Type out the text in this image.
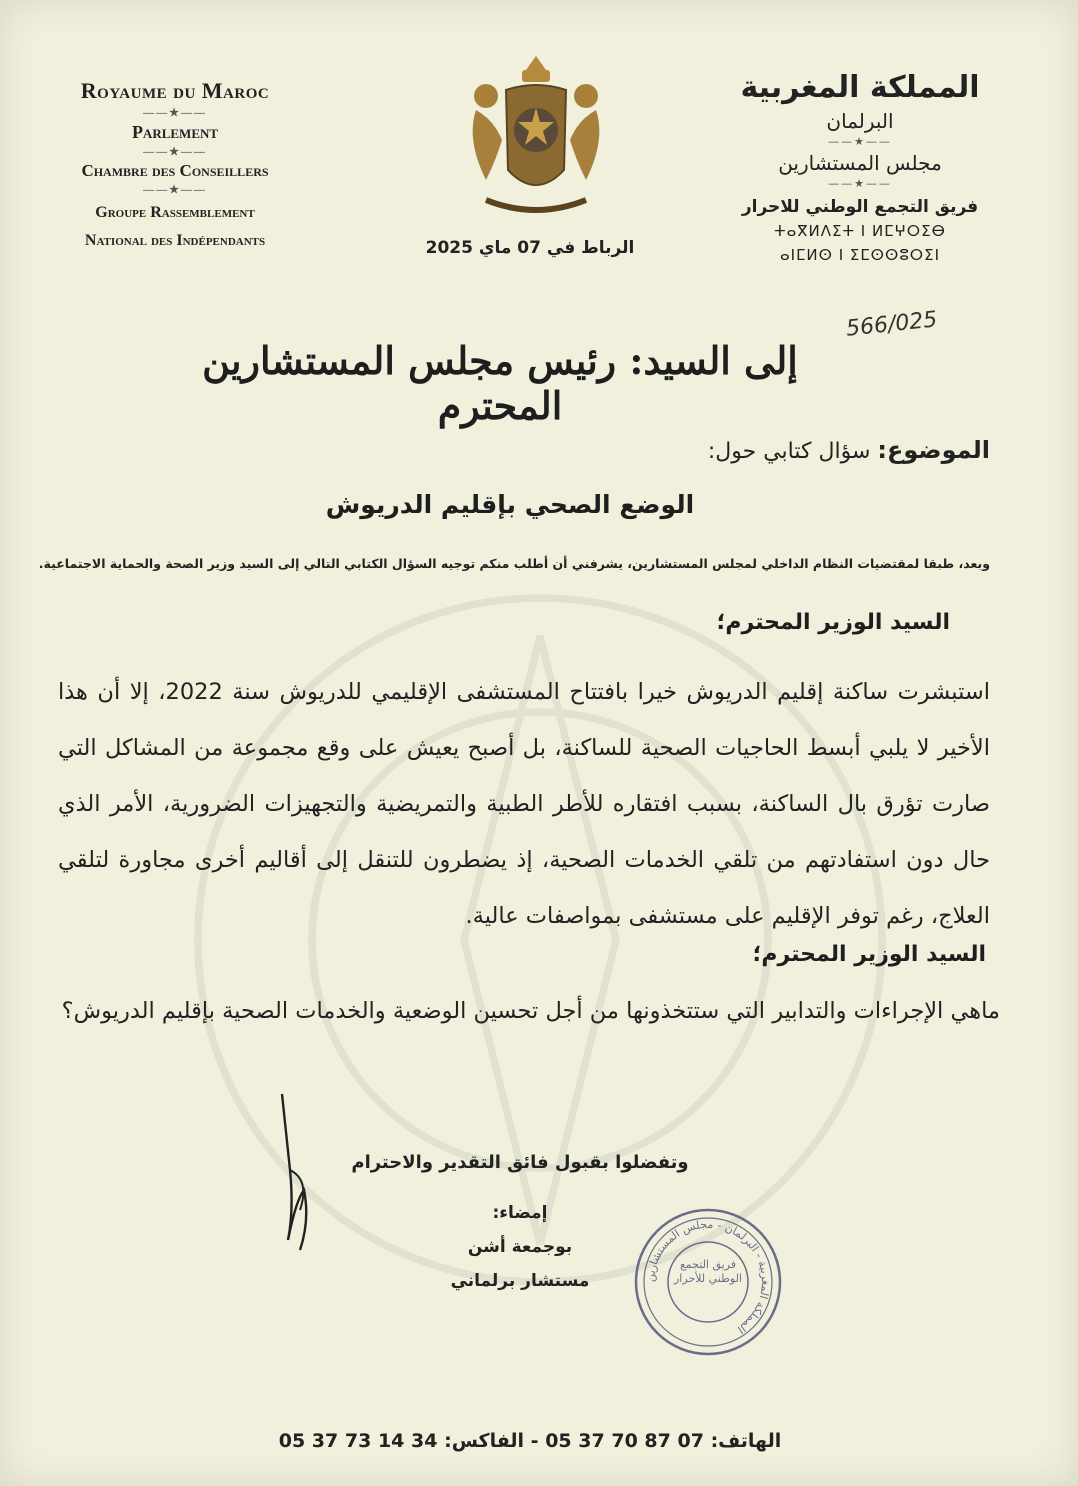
Royaume du Maroc
——★——
Parlement
——★——
Chambre des Conseillers
——★——
Groupe Rassemblement
National des Indépendants
المملكة المغربية
البرلمان
——★——
مجلس المستشارين
——★——
فريق التجمع الوطني للاحرار
ⵜⴰⴳⵍⴷⵉⵜ ⵏ ⵍⵎⵖⵔⵉⴱ
ⴰⵏⵎⵍⵙ ⵏ ⵉⵎⵙⵙⵓⵔⵉⵏ
الرباط في 07 ماي 2025
566/025
إلى السيد: رئيس مجلس المستشارين المحترم
الموضوع: سؤال كتابي حول:
الوضع الصحي بإقليم الدريوش
وبعد، طبقا لمقتضيات النظام الداخلي لمجلس المستشارين، يشرفني أن أطلب منكم توجيه السؤال الكتابي التالي إلى السيد وزير الصحة والحماية الاجتماعية.
السيد الوزير المحترم؛
استبشرت ساكنة إقليم الدريوش خيرا بافتتاح المستشفى الإقليمي للدريوش سنة 2022، إلا أن هذا الأخير لا يلبي أبسط الحاجيات الصحية للساكنة، بل أصبح يعيش على وقع مجموعة من المشاكل التي صارت تؤرق بال الساكنة، بسبب افتقاره للأطر الطبية والتمريضية والتجهيزات الضرورية، الأمر الذي حال دون استفادتهم من تلقي الخدمات الصحية، إذ يضطرون للتنقل إلى أقاليم أخرى مجاورة لتلقي العلاج، رغم توفر الإقليم على مستشفى بمواصفات عالية.
السيد الوزير المحترم؛
ماهي الإجراءات والتدابير التي ستتخذونها من أجل تحسين الوضعية والخدمات الصحية بإقليم الدريوش؟
وتفضلوا بقبول فائق التقدير والاحترام
إمضاء:
بوجمعة أشن
مستشار برلماني	المملكة المغربية - البرلمان - مجلس المستشارين
فريق التجمع الوطني للأحرار
الهاتف: 07 87 70 37 05 - الفاكس: 34 14 73 37 05
